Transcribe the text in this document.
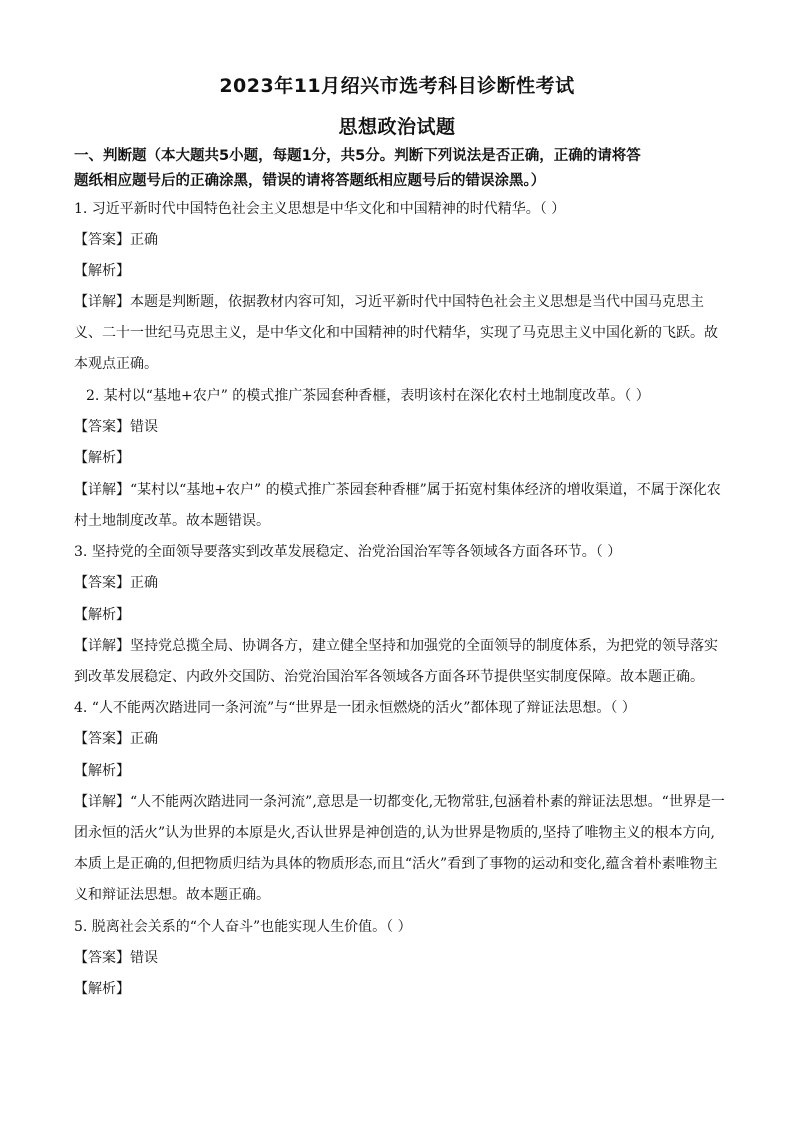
2023年11月绍兴市选考科目诊断性考试
思想政治试题
一、判断题（本大题共5小题，每题1分，共5分。判断下列说法是否正确，正确的请将答
题纸相应题号后的正确涂黑，错误的请将答题纸相应题号后的错误涂黑。）
1. 习近平新时代中国特色社会主义思想是中华文化和中国精神的时代精华。（ ）
【答案】正确
【解析】
【详解】本题是判断题，依据教材内容可知，习近平新时代中国特色社会主义思想是当代中国马克思主
义、二十一世纪马克思主义，是中华文化和中国精神的时代精华，实现了马克思主义中国化新的飞跃。故
本观点正确。
2. 某村以“基地+农户” 的模式推广茶园套种香榧，表明该村在深化农村土地制度改革。（ ）
【答案】错误
【解析】
【详解】“某村以“基地+农户” 的模式推广茶园套种香榧”属于拓宽村集体经济的增收渠道，不属于深化农
村土地制度改革。故本题错误。
3. 坚持党的全面领导要落实到改革发展稳定、治党治国治军等各领域各方面各环节。（ ）
【答案】正确
【解析】
【详解】坚持党总揽全局、协调各方，建立健全坚持和加强党的全面领导的制度体系，为把党的领导落实
到改革发展稳定、内政外交国防、治党治国治军各领域各方面各环节提供坚实制度保障。故本题正确。
4. “人不能两次踏进同一条河流”与“世界是一团永恒燃烧的活火”都体现了辩证法思想。（ ）
【答案】正确
【解析】
【详解】“人不能两次踏进同一条河流”,意思是一切都变化,无物常驻,包涵着朴素的辩证法思想。“世界是一
团永恒的活火”认为世界的本原是火,否认世界是神创造的,认为世界是物质的,坚持了唯物主义的根本方向,
本质上是正确的,但把物质归结为具体的物质形态,而且“活火”看到了事物的运动和变化,蕴含着朴素唯物主
义和辩证法思想。故本题正确。
5. 脱离社会关系的“个人奋斗”也能实现人生价值。（ ）
【答案】错误
【解析】
